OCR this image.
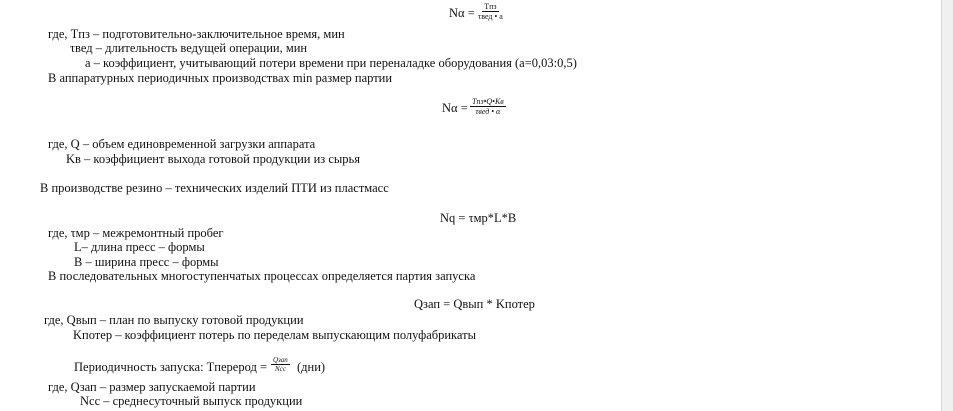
Nα = Tпз
τвед • a
где, Tпз – подготовительно-заключительное время, мин
τвед – длительность ведущей операции, мин
a – коэффициент, учитывающий потери времени при переналадке оборудования (a=0,03:0,5)
В аппаратурных периодичных производствах min размер партии
Nα = Tпз•Q•Kв
τвед • α
где, Q – объем единовременной загрузки аппарата
Kв – коэффициент выхода готовой продукции из сырья
В производстве резино – технических изделий ПТИ из пластмасс
Nq = τмр*L*B
где, τмр – межремонтный пробег
L– длина пресс – формы
B – ширина пресс – формы
В последовательных многоступенчатых процессах определяется партия запуска
Qзап = Qвып * Kпотер
где, Qвып – план по выпуску готовой продукции
Kпотер – коэффициент потерь по переделам выпускающим полуфабрикаты
Периодичность запуска: Tперерод = Qзап
Nсс (дни)
где, Qзап – размер запускаемой партии
Nсс – среднесуточный выпуск продукции
